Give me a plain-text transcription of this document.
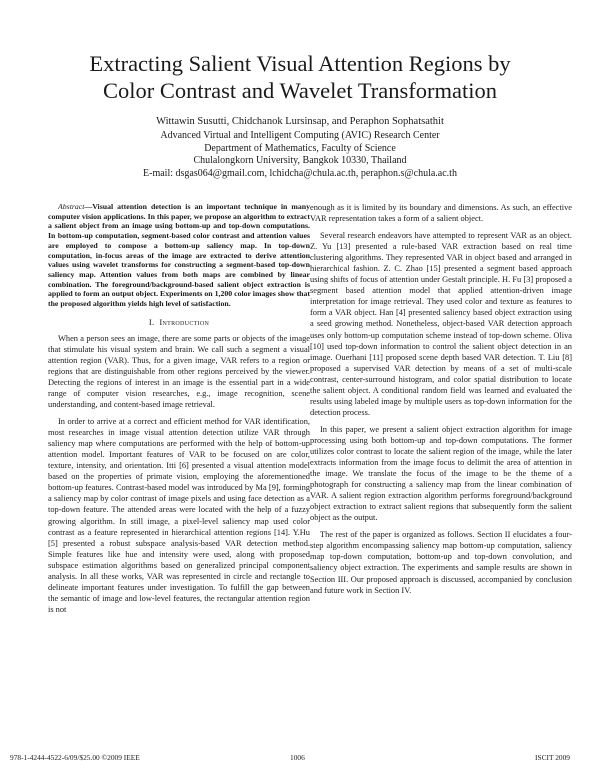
Extracting Salient Visual Attention Regions by
Color Contrast and Wavelet Transformation
Wittawin Susutti, Chidchanok Lursinsap, and Peraphon Sophatsathit
Advanced Virtual and Intelligent Computing (AVIC) Research Center
Department of Mathematics, Faculty of Science
Chulalongkorn University, Bangkok 10330, Thailand
E-mail: dsgas064@gmail.com, lchidcha@chula.ac.th, peraphon.s@chula.ac.th

Abstract—Visual attention detection is an important technique in many computer vision applications. In this paper, we propose an algorithm to extract a salient object from an image using bottom-up and top-down computations. In bottom-up computation, segment-based color contrast and attention values are employed to compose a bottom-up saliency map. In top-down computation, in-focus areas of the image are extracted to derive attention values using wavelet transforms for constructing a segment-based top-down saliency map. Attention values from both maps are combined by linear combination. The foreground/background-based salient object extraction is applied to form an output object. Experiments on 1,200 color images show that the proposed algorithm yields high level of satisfaction.

I. Introduction

When a person sees an image, there are some parts or objects of the image that stimulate his visual system and brain. We call such a segment a visual attention region (VAR). Thus, for a given image, VAR refers to a region or regions that are distinguishable from other regions perceived by the viewer. Detecting the regions of interest in an image is the essential part in a wide range of computer vision researches, e.g., image recognition, scene understanding, and content-based image retrieval.

In order to arrive at a correct and efficient method for VAR identification, most researches in image visual attention detection utilize VAR through saliency map where computations are performed with the help of bottom-up attention model. Important features of VAR to be focused on are color, texture, intensity, and orientation. Itti [6] presented a visual attention model based on the properties of primate vision, employing the aforementioned bottom-up features. Contrast-based model was introduced by Ma [9], forming a saliency map by color contrast of image pixels and using face detection as a top-down feature. The attended areas were located with the help of a fuzzy growing algorithm. In still image, a pixel-level saliency map used color contrast as a feature represented in hierarchical attention regions [14]. Y.Hu [5] presented a robust subspace analysis-based VAR detection method. Simple features like hue and intensity were used, along with proposed subspace estimation algorithms based on generalized principal component analysis. In all these works, VAR was represented in circle and rectangle to delineate important features under investigation. To fulfill the gap between the semantic of image and low-level features, the rectangular attention region is not

enough as it is limited by its boundary and dimensions. As such, an effective VAR representation takes a form of a salient object.

Several research endeavors have attempted to represent VAR as an object. Z. Yu [13] presented a rule-based VAR extraction based on real time clustering algorithms. They represented VAR in object based and arranged in hierarchical fashion. Z. C. Zhao [15] presented a segment based approach using shifts of focus of attention under Gestalt principle. H. Fu [3] proposed a segment based attention model that applied attention-driven image interpretation for image retrieval. They used color and texture as features to form a VAR object. Han [4] presented saliency based object extraction using a seed growing method. Nonetheless, object-based VAR detection approach uses only bottom-up computation scheme instead of top-down scheme. Oliva [10] used top-down information to control the salient object detection in an image. Ouerhani [11] proposed scene depth based VAR detection. T. Liu [8] proposed a supervised VAR detection by means of a set of multi-scale contrast, center-surround histogram, and color spatial distribution to locate the salient object. A conditional random field was learned and evaluated the results using labeled image by multiple users as top-down information for the detection process.

In this paper, we present a salient object extraction algorithm for image processing using both bottom-up and top-down computations. The former utilizes color contrast to locate the salient region of the image, while the later extracts information from the image focus to delimit the area of attention in the image. We translate the focus of the image to be the theme of a photograph for constructing a saliency map from the linear combination of VAR. A salient region extraction algorithm performs foreground/background object extraction to extract salient regions that subsequently form the salient object as the output.

The rest of the paper is organized as follows. Section II elucidates a four-step algorithm encompassing saliency map bottom-up computation, saliency map top-down computation, bottom-up and top-down convolution, and saliency object extraction. The experiments and sample results are shown in Section III. Our proposed approach is discussed, accompanied by conclusion and future work in Section IV.

978-1-4244-4522-6/09/$25.00 ©2009 IEEE	1006	ISCIT 2009
